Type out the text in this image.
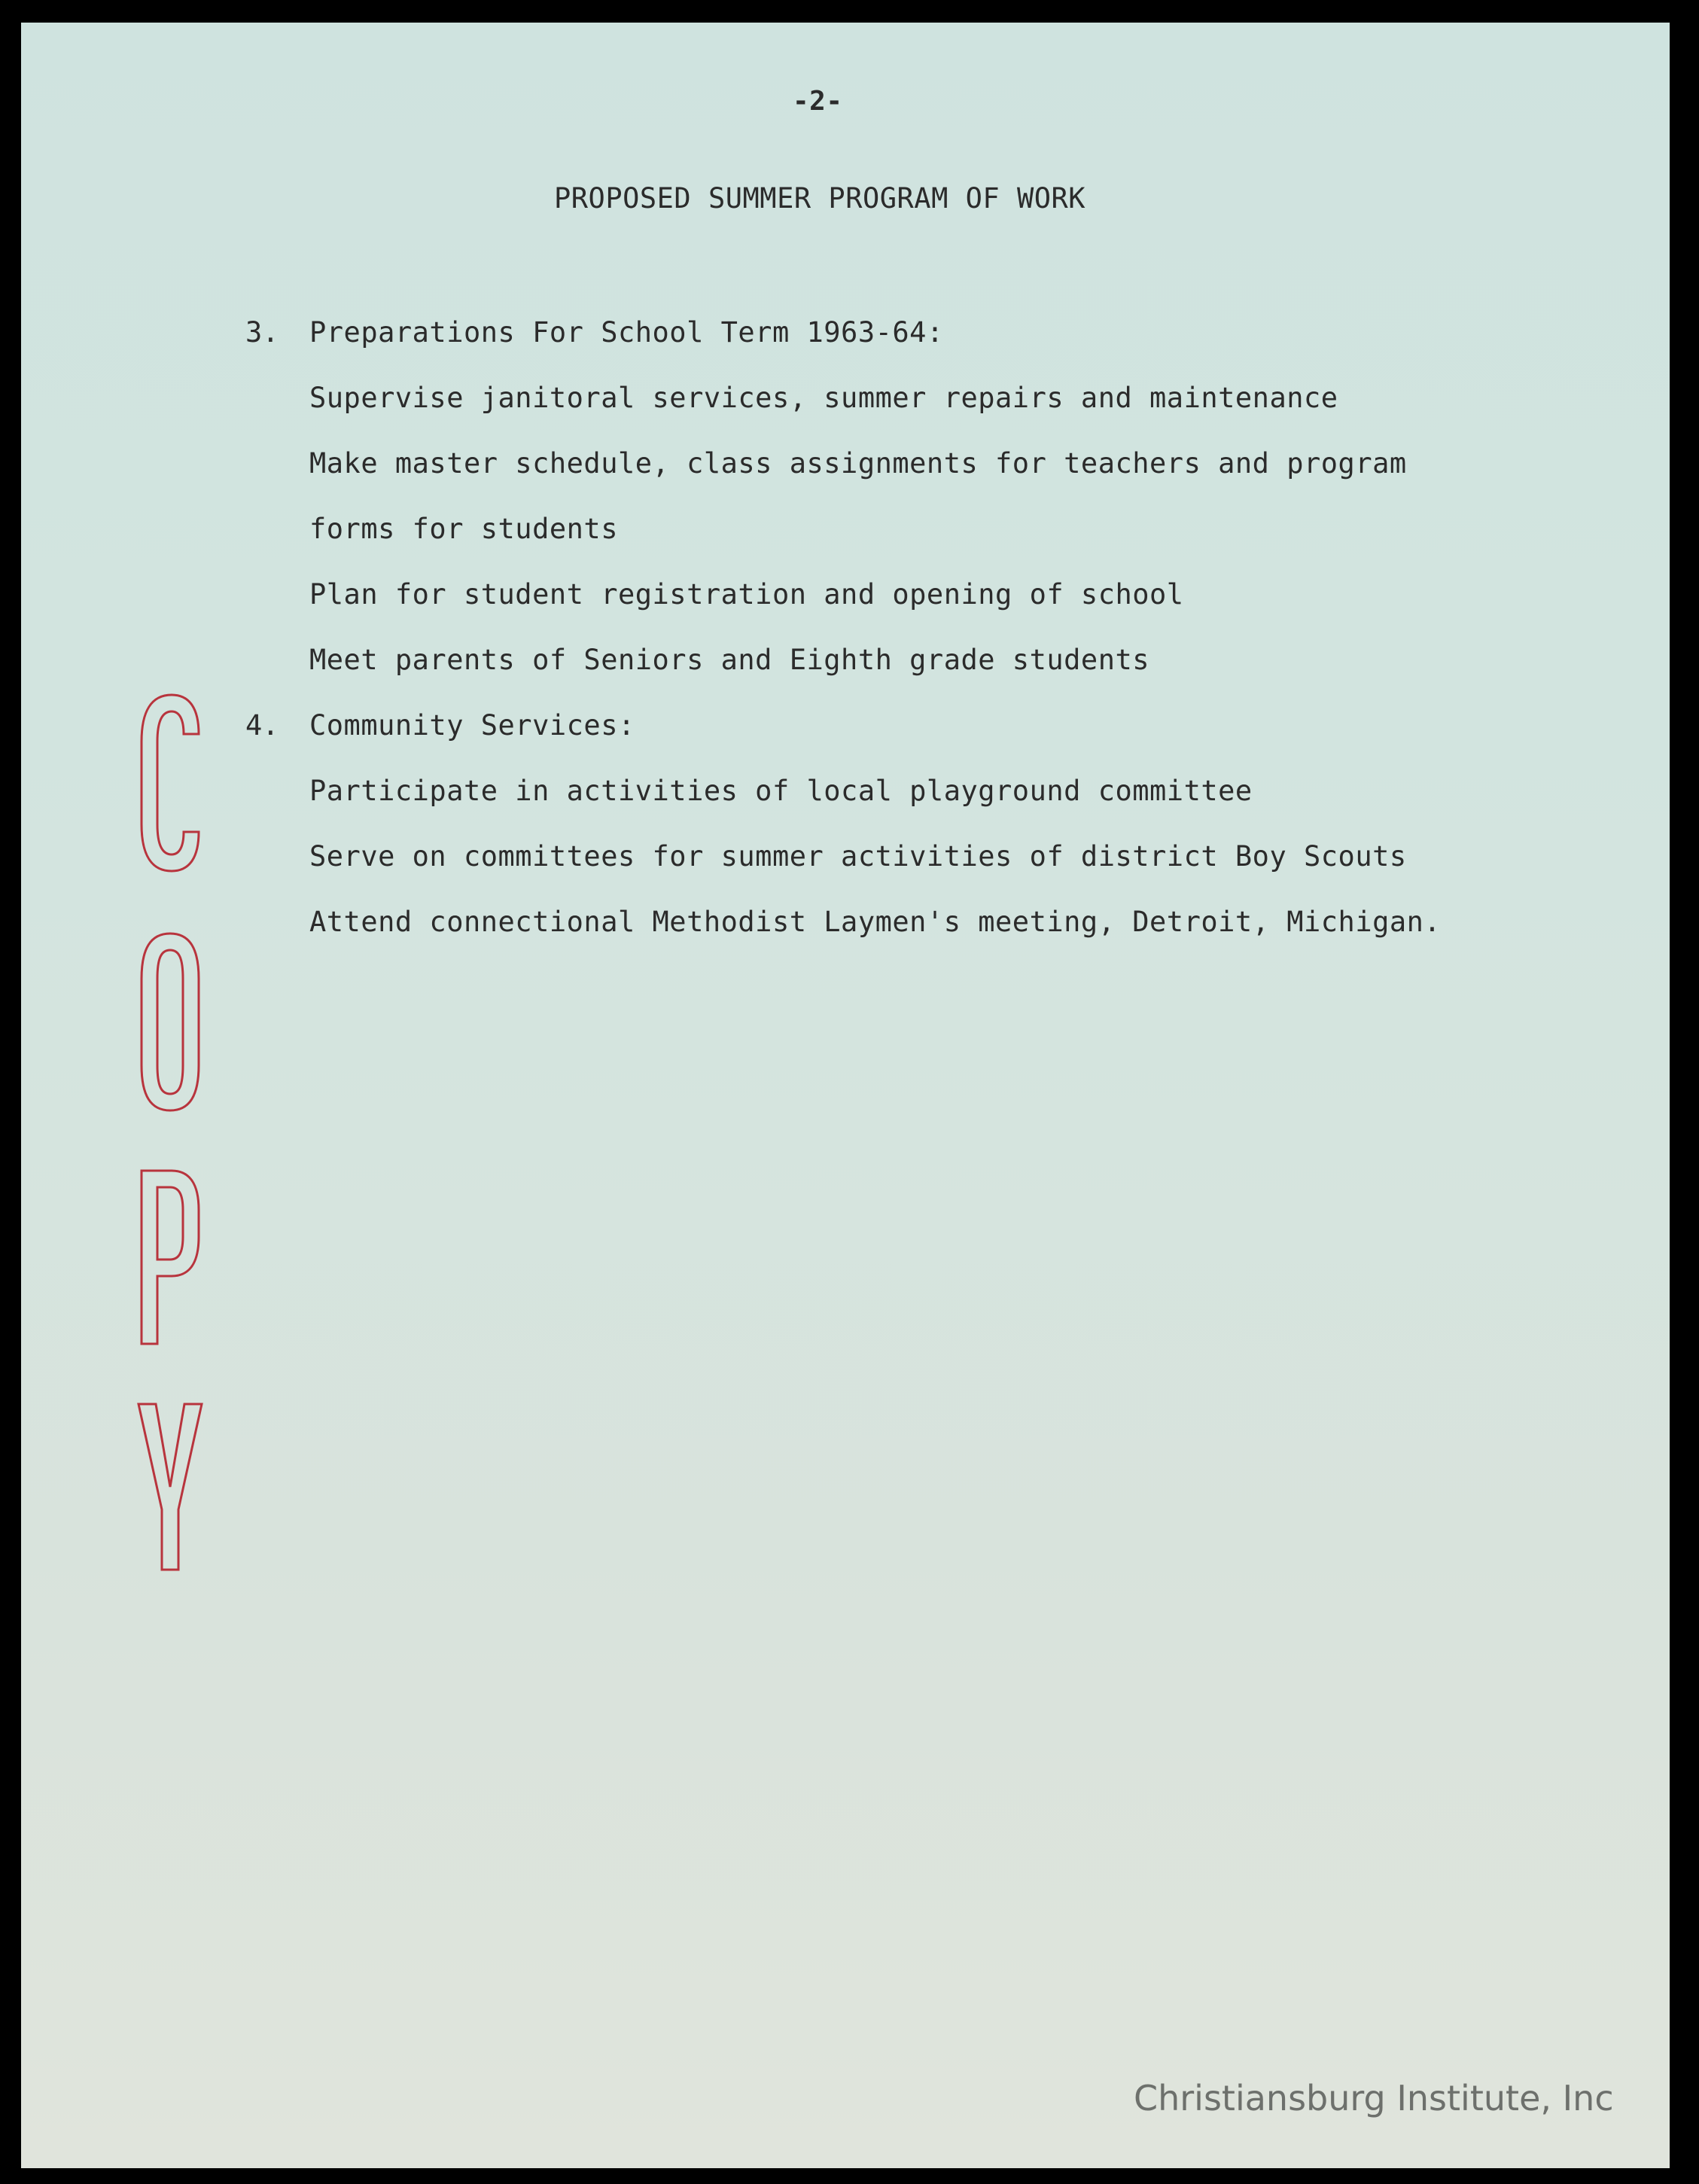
-2-
PROPOSED SUMMER PROGRAM OF WORK
3. Preparations For School Term 1963-64:
Supervise janitoral services, summer repairs and maintenance
Make master schedule, class assignments for teachers and program
forms for students
Plan for student registration and opening of school
Meet parents of Seniors and Eighth grade students
4. Community Services:
Participate in activities of local playground committee
Serve on committees for summer activities of district Boy Scouts
Attend connectional Methodist Laymen's meeting, Detroit, Michigan.
Christiansburg Institute, Inc
